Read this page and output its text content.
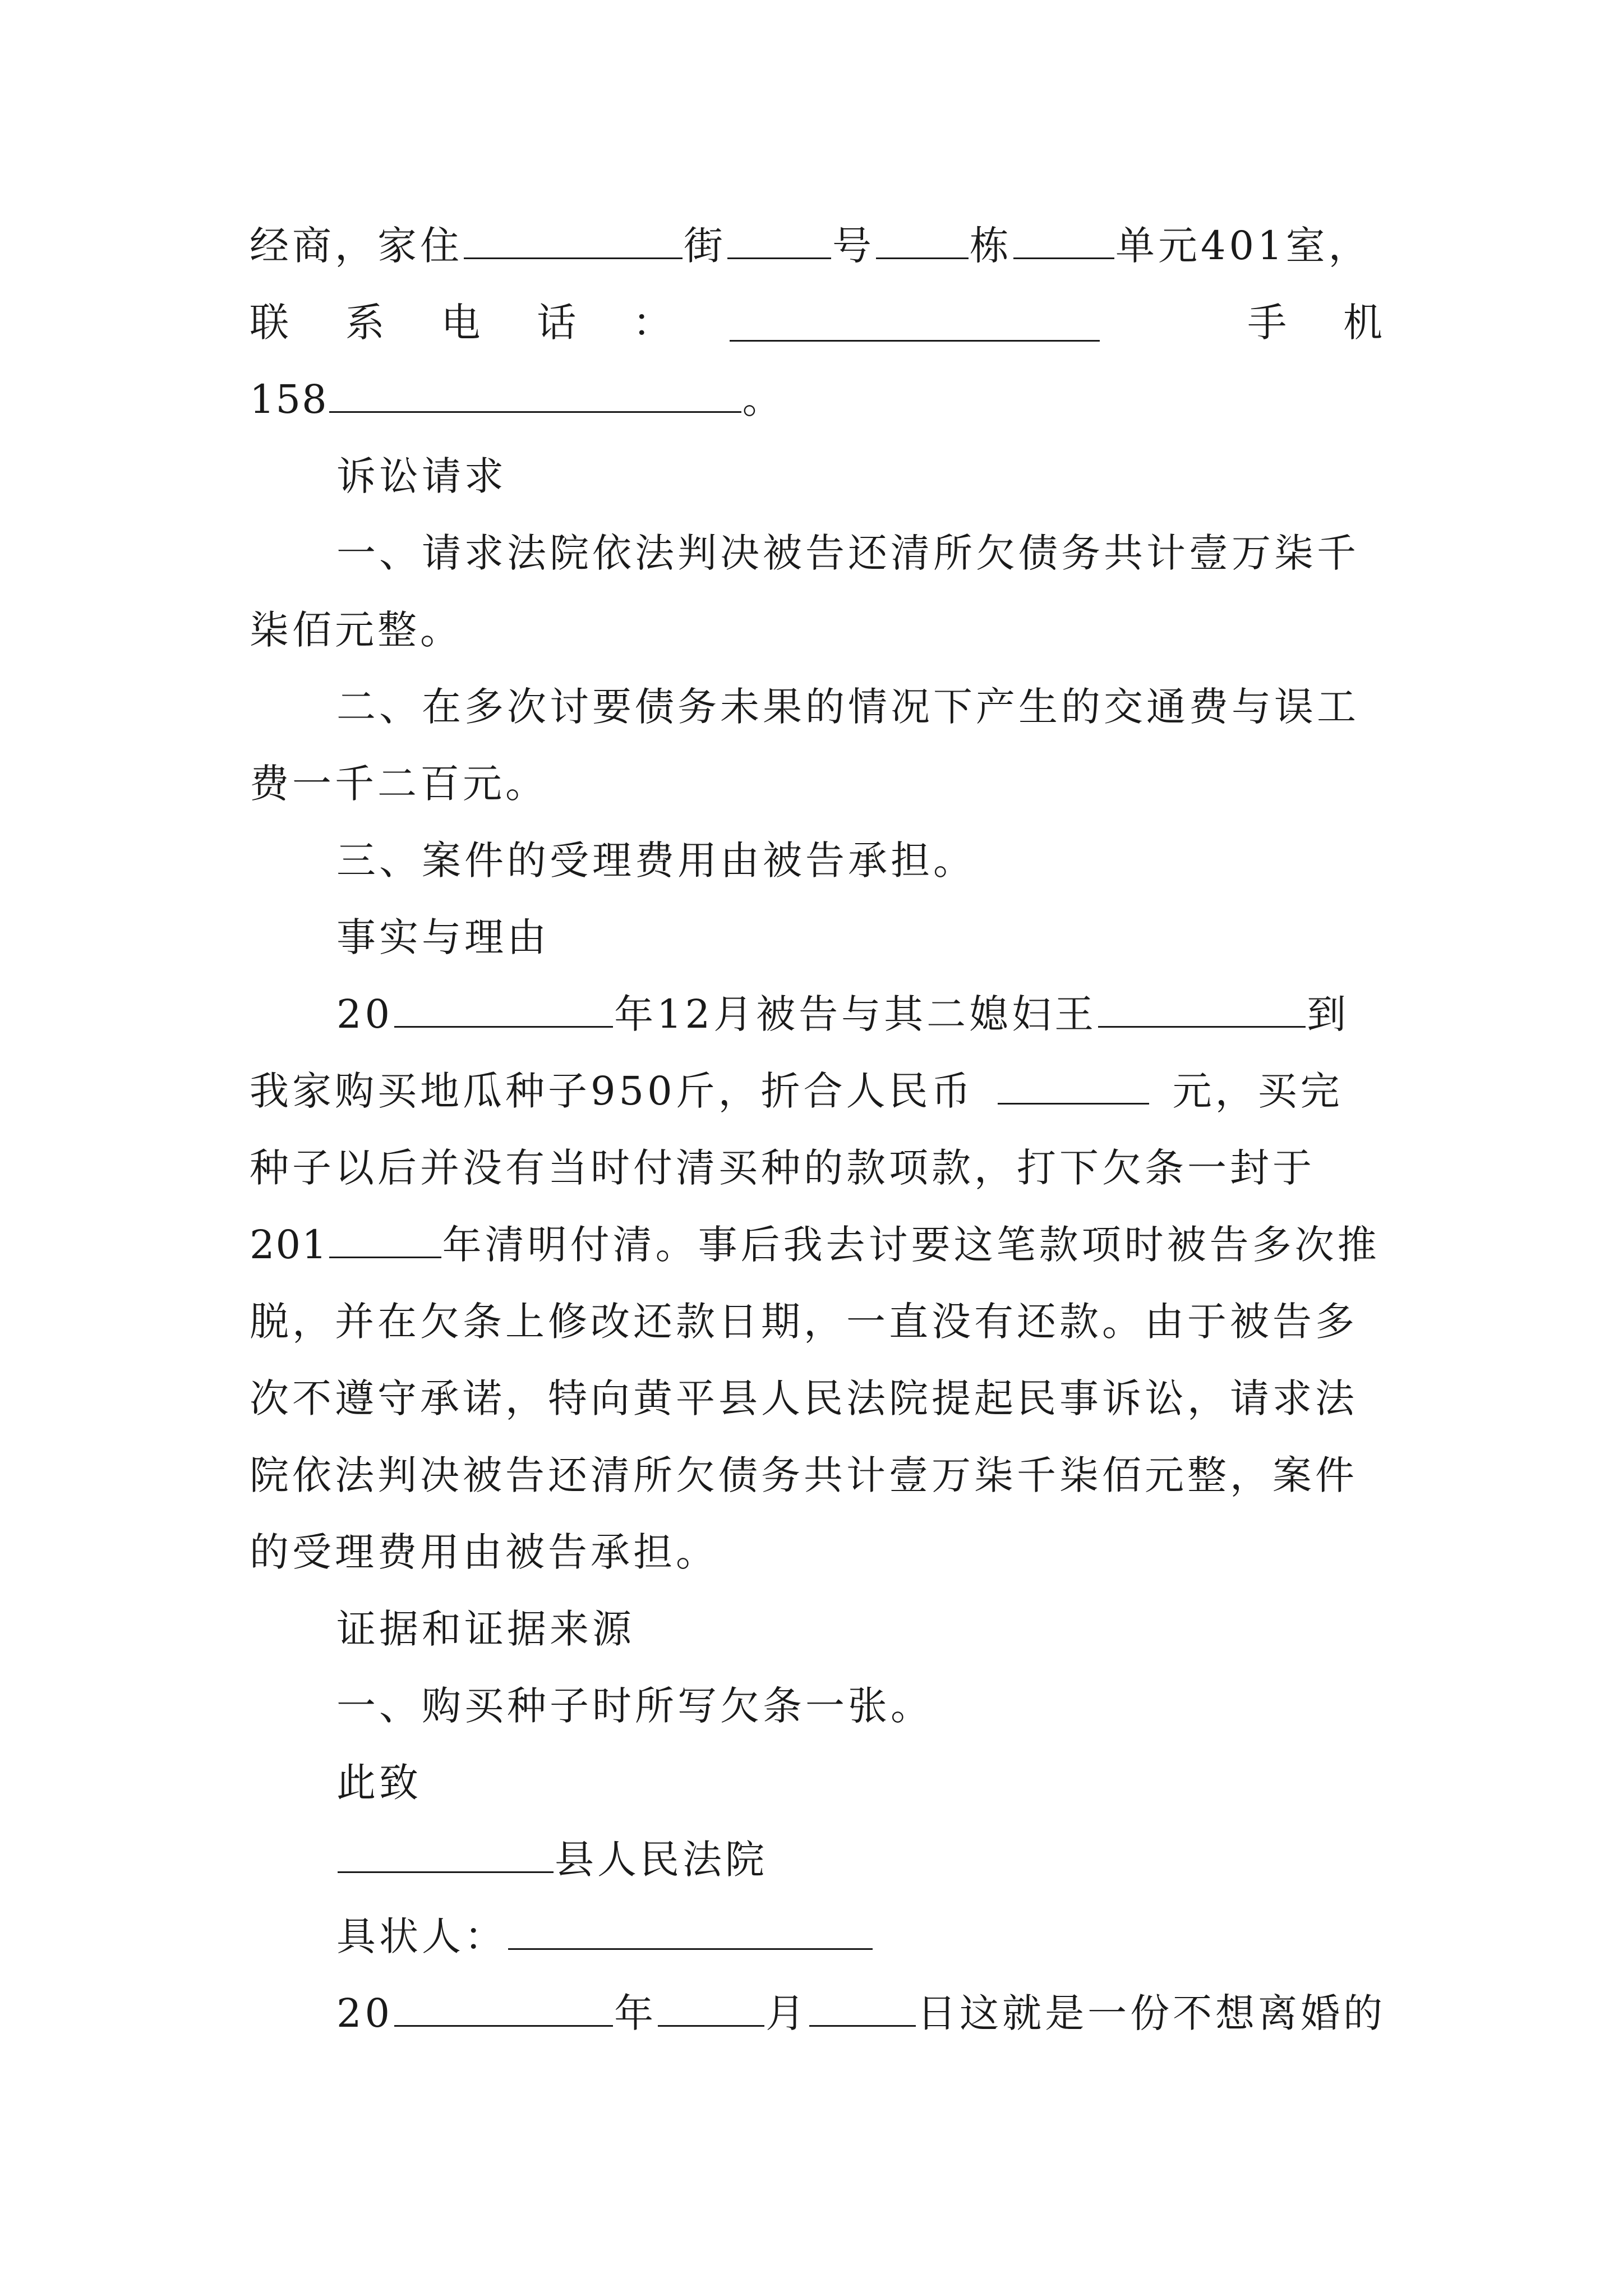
经商，家住	街	号 栋	单元401室，
联 系 电 话 ：	手 机
158	。
诉讼请求
一、请求法院依法判决被告还清所欠债务共计壹万柒千
柒佰元整。
二、在多次讨要债务未果的情况下产生的交通费与误工
费一千二百元。
三、案件的受理费用由被告承担。
事实与理由
20	年12月被告与其二媳妇王	到
我家购买地瓜种子950斤，折合人民币	元，买完
种子以后并没有当时付清买种的款项款，打下欠条一封于
201	年清明付清。事后我去讨要这笔款项时被告多次推
脱，并在欠条上修改还款日期，一直没有还款。由于被告多
次不遵守承诺，特向黄平县人民法院提起民事诉讼，请求法
院依法判决被告还清所欠债务共计壹万柒千柒佰元整，案件
的受理费用由被告承担。
证据和证据来源
一、购买种子时所写欠条一张。
此致
县人民法院
具状人：
20	年	月	日这就是一份不想离婚的
